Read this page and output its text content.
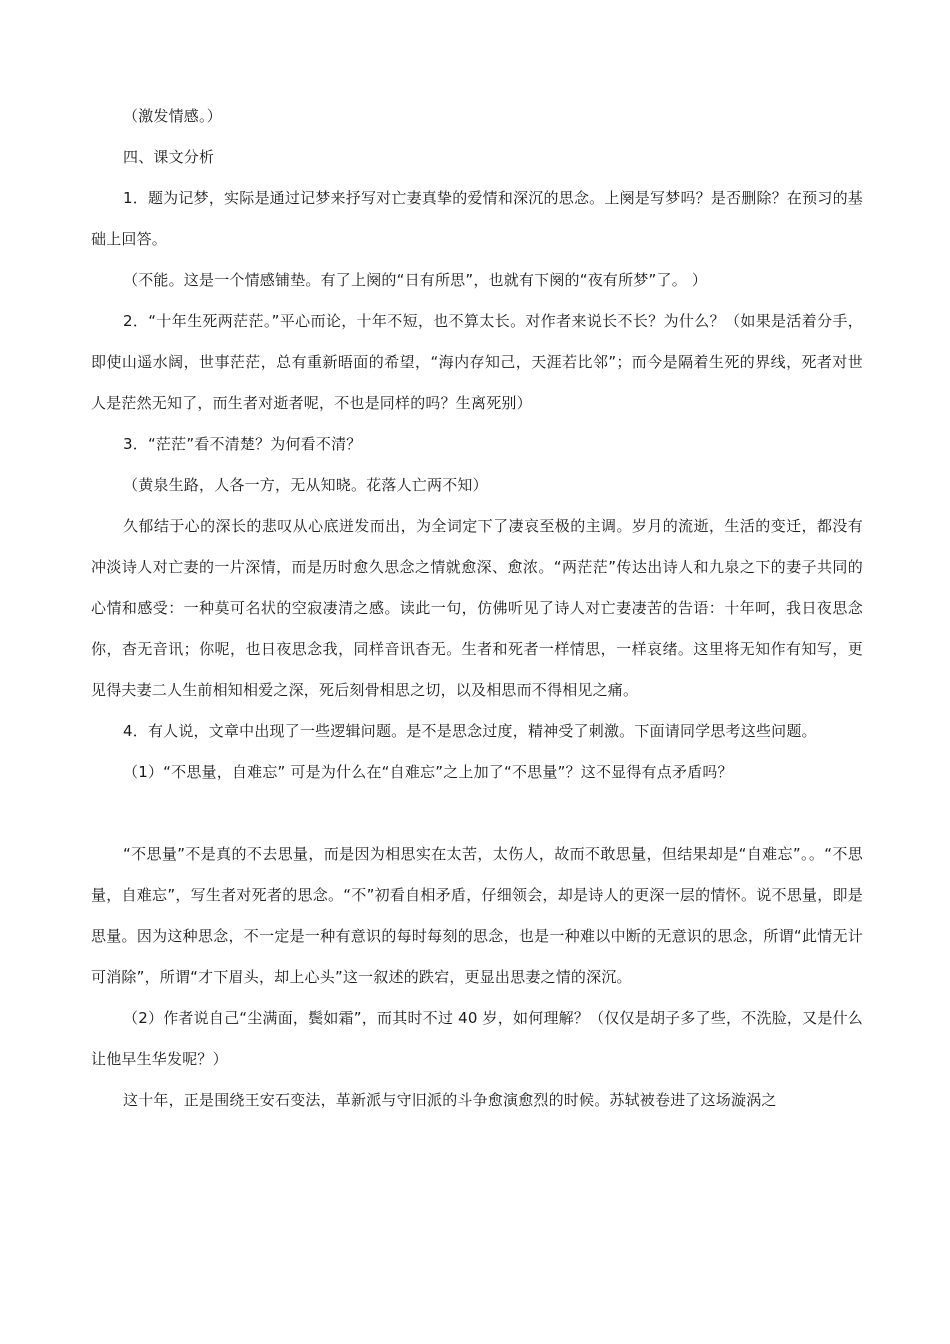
（激发情感。）

四、课文分析

1．题为记梦，实际是通过记梦来抒写对亡妻真挚的爱情和深沉的思念。上阕是写梦吗？是否删除？在预习的基础上回答。

（不能。这是一个情感铺垫。有了上阕的“日有所思”，也就有下阕的“夜有所梦”了。 ）

2．“十年生死两茫茫。”平心而论，十年不短，也不算太长。对作者来说长不长？为什么？（如果是活着分手，即使山遥水阔，世事茫茫，总有重新晤面的希望，“海内存知己，天涯若比邻”；而今是隔着生死的界线，死者对世人是茫然无知了，而生者对逝者呢，不也是同样的吗？生离死别）

3．“茫茫”看不清楚？为何看不清？

（黄泉生路，人各一方，无从知晓。花落人亡两不知）

久郁结于心的深长的悲叹从心底迸发而出，为全词定下了凄哀至极的主调。岁月的流逝，生活的变迁，都没有冲淡诗人对亡妻的一片深情，而是历时愈久思念之情就愈深、愈浓。“两茫茫”传达出诗人和九泉之下的妻子共同的心情和感受：一种莫可名状的空寂凄清之感。读此一句，仿佛听见了诗人对亡妻凄苦的告语：十年呵，我日夜思念你，杳无音讯；你呢，也日夜思念我，同样音讯杳无。生者和死者一样情思，一样哀绪。这里将无知作有知写，更见得夫妻二人生前相知相爱之深，死后刻骨相思之切，以及相思而不得相见之痛。

4．有人说，文章中出现了一些逻辑问题。是不是思念过度，精神受了刺激。下面请同学思考这些问题。

（1）“不思量，自难忘” 可是为什么在“自难忘”之上加了“不思量”？这不显得有点矛盾吗？

“不思量”不是真的不去思量，而是因为相思实在太苦，太伤人，故而不敢思量，但结果却是“自难忘”。。“不思量，自难忘”，写生者对死者的思念。“不”初看自相矛盾，仔细领会，却是诗人的更深一层的情怀。说不思量，即是思量。因为这种思念，不一定是一种有意识的每时每刻的思念，也是一种难以中断的无意识的思念，所谓“此情无计可消除”，所谓“才下眉头，却上心头”这一叙述的跌宕，更显出思妻之情的深沉。

（2）作者说自己“尘满面，鬓如霜”，而其时不过 40 岁，如何理解？（仅仅是胡子多了些，不洗脸，又是什么让他早生华发呢？）

这十年，正是围绕王安石变法，革新派与守旧派的斗争愈演愈烈的时候。苏轼被卷进了这场漩涡之
